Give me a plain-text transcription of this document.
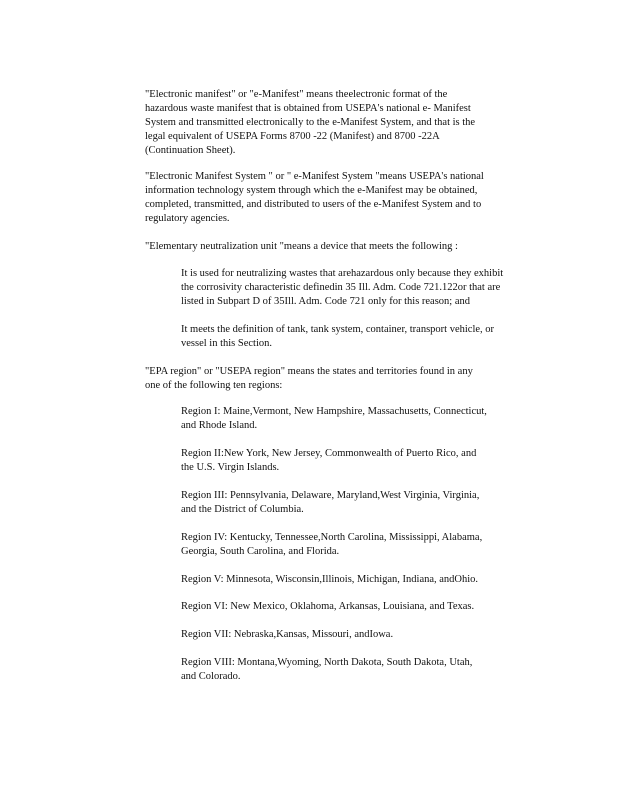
"Electronic manifest" or "e-Manifest" means theelectronic format of the
hazardous waste manifest that is obtained from USEPA's national e- Manifest
System and transmitted electronically to the e-Manifest System, and that is the
legal equivalent of USEPA Forms 8700 -22 (Manifest) and 8700 -22A
(Continuation Sheet).
"Electronic Manifest System " or " e-Manifest System "means USEPA's national
information technology system through which the e-Manifest may be obtained,
completed, transmitted, and distributed to users of the e-Manifest System and to
regulatory agencies.
"Elementary neutralization unit "means a device that meets the following :
It is used for neutralizing wastes that arehazardous only because they exhibit
the corrosivity characteristic definedin 35 Ill. Adm. Code 721.122or that are
listed in Subpart D of 35Ill. Adm. Code 721 only for this reason; and
It meets the definition of tank, tank system, container, transport vehicle, or
vessel in this Section.
"EPA region" or "USEPA region" means the states and territories found in any
one of the following ten regions:
Region I: Maine,Vermont, New Hampshire, Massachusetts, Connecticut,
and Rhode Island.
Region II:New York, New Jersey, Commonwealth of Puerto Rico, and
the U.S. Virgin Islands.
Region III: Pennsylvania, Delaware, Maryland,West Virginia, Virginia,
and the District of Columbia.
Region IV: Kentucky, Tennessee,North Carolina, Mississippi, Alabama,
Georgia, South Carolina, and Florida.
Region V: Minnesota, Wisconsin,Illinois, Michigan, Indiana, andOhio.
Region VI: New Mexico, Oklahoma, Arkansas, Louisiana, and Texas.
Region VII: Nebraska,Kansas, Missouri, andIowa.
Region VIII: Montana,Wyoming, North Dakota, South Dakota, Utah,
and Colorado.
